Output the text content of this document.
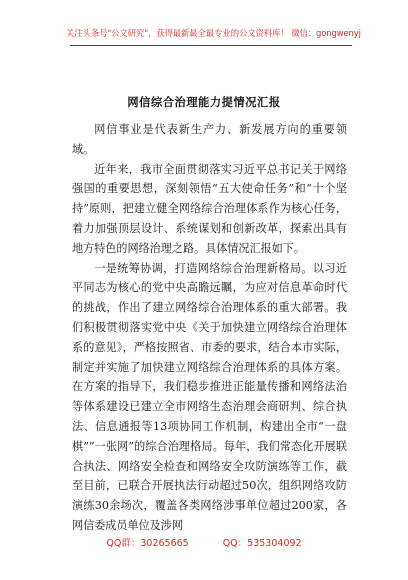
关注头条号"公文研究"，获得最新最全最专业的公文资料库！ 微信：gongwenyj
网信综合治理能力提情况汇报

网信事业是代表新生产力、新发展方向的重要领域。

近年来，我市全面贯彻落实习近平总书记关于网络强国的重要思想，深刻领悟“五大使命任务”和“十个坚持”原则，把建立健全网络综合治理体系作为核心任务，着力加强顶层设计、系统谋划和创新改革，探索出具有地方特色的网络治理之路。具体情况汇报如下。

一是统筹协调，打造网络综合治理新格局。以习近平同志为核心的党中央高瞻远瞩，为应对信息革命时代的挑战，作出了建立网络综合治理体系的重大部署。我们积极贯彻落实党中央《关于加快建立网络综合治理体系的意见》，严格按照省、市委的要求，结合本市实际，制定并实施了加快建立网络综合治理体系的具体方案。在方案的指导下，我们稳步推进正能量传播和网络法治等体系建设已建立全市网络生态治理会商研判、综合执法、信息通报等13项协同工作机制，构建出全市“一盘棋”“一张网”的综合治理格局。每年，我们常态化开展联合执法、网络安全检查和网络安全攻防演练等工作，截至目前，已联合开展执法行动超过50次，组织网络攻防演练30余场次，覆盖各类网络涉事单位超过200家，各网信委成员单位及涉网

QQ群：30265665	QQ：535304092
